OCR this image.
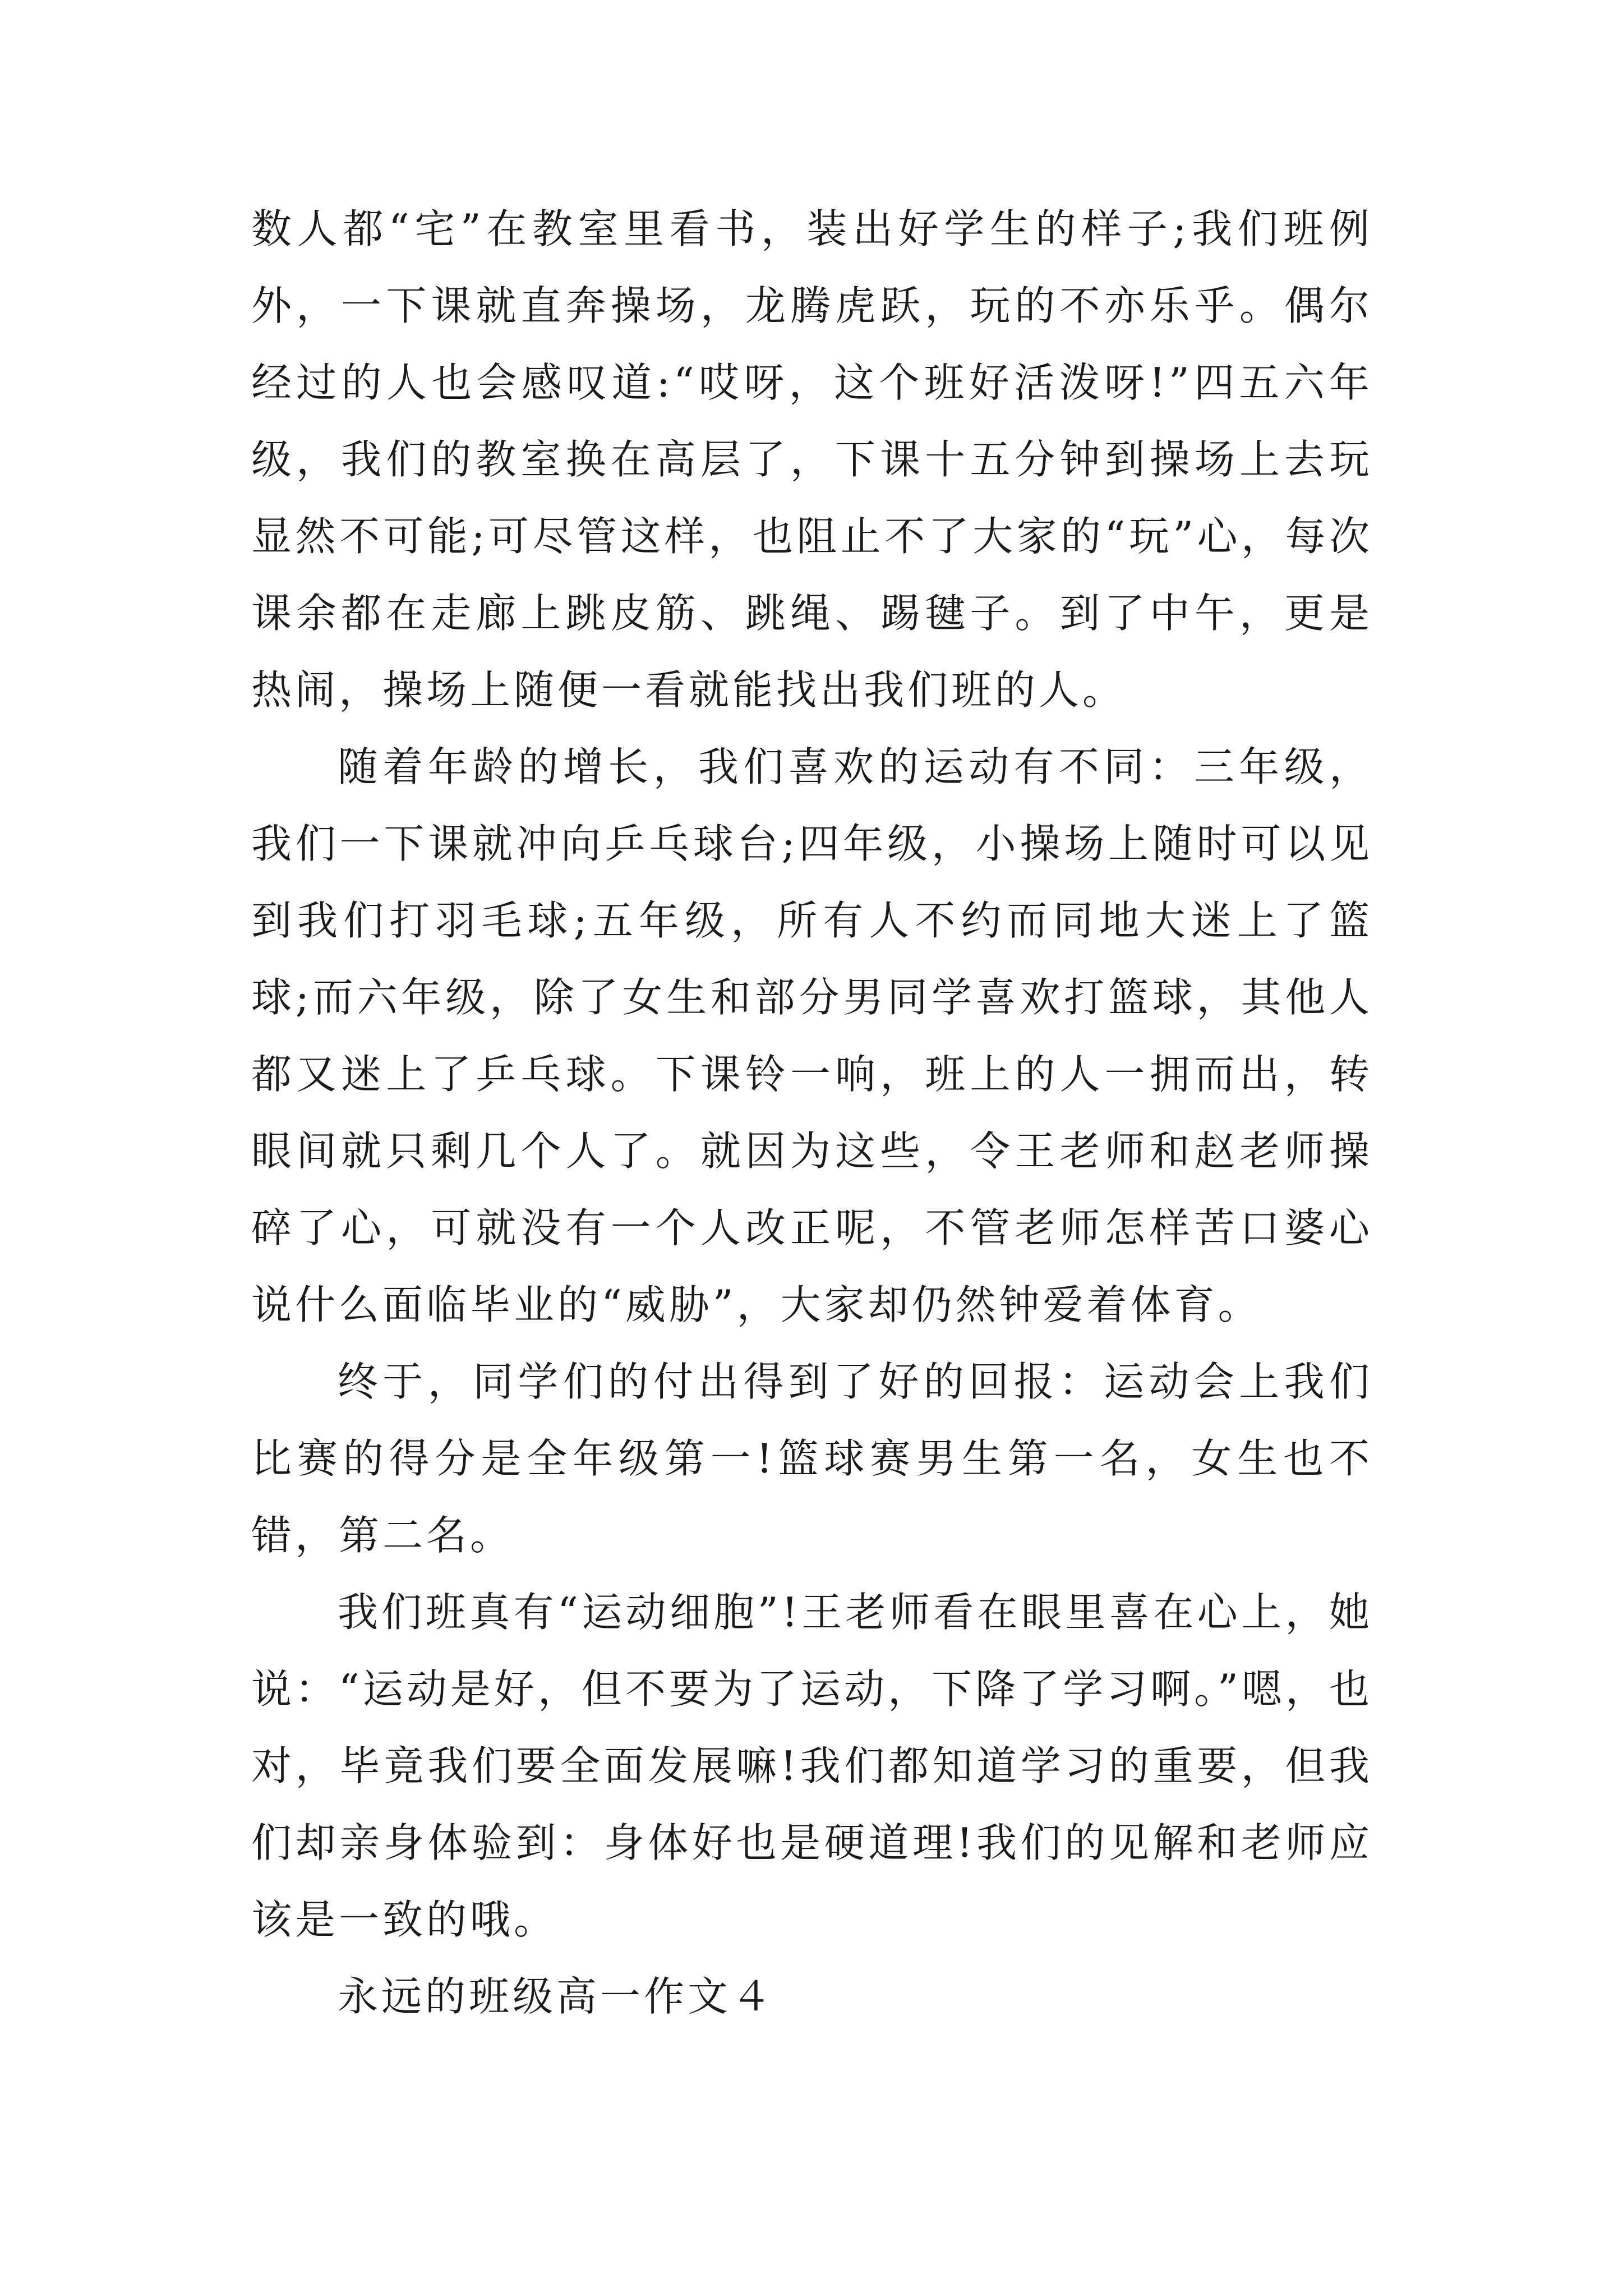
数人都“宅”在教室里看书，装出好学生的样子;我们班例外，一下课就直奔操场，龙腾虎跃，玩的不亦乐乎。偶尔经过的人也会感叹道:“哎呀，这个班好活泼呀!”四五六年级，我们的教室换在高层了，下课十五分钟到操场上去玩显然不可能;可尽管这样，也阻止不了大家的“玩”心，每次课余都在走廊上跳皮筋、跳绳、踢毽子。到了中午，更是热闹，操场上随便一看就能找出我们班的人。

随着年龄的增长，我们喜欢的运动有不同：三年级，我们一下课就冲向乒乓球台;四年级，小操场上随时可以见到我们打羽毛球;五年级，所有人不约而同地大迷上了篮球;而六年级，除了女生和部分男同学喜欢打篮球，其他人都又迷上了乒乓球。下课铃一响，班上的人一拥而出，转眼间就只剩几个人了。就因为这些，令王老师和赵老师操碎了心，可就没有一个人改正呢，不管老师怎样苦口婆心说什么面临毕业的“威胁”，大家却仍然钟爱着体育。

终于，同学们的付出得到了好的回报：运动会上我们比赛的得分是全年级第一!篮球赛男生第一名，女生也不错，第二名。

我们班真有“运动细胞”!王老师看在眼里喜在心上，她说：“运动是好，但不要为了运动，下降了学习啊。”嗯，也对，毕竟我们要全面发展嘛!我们都知道学习的重要，但我们却亲身体验到：身体好也是硬道理!我们的见解和老师应该是一致的哦。

永远的班级高一作文４
